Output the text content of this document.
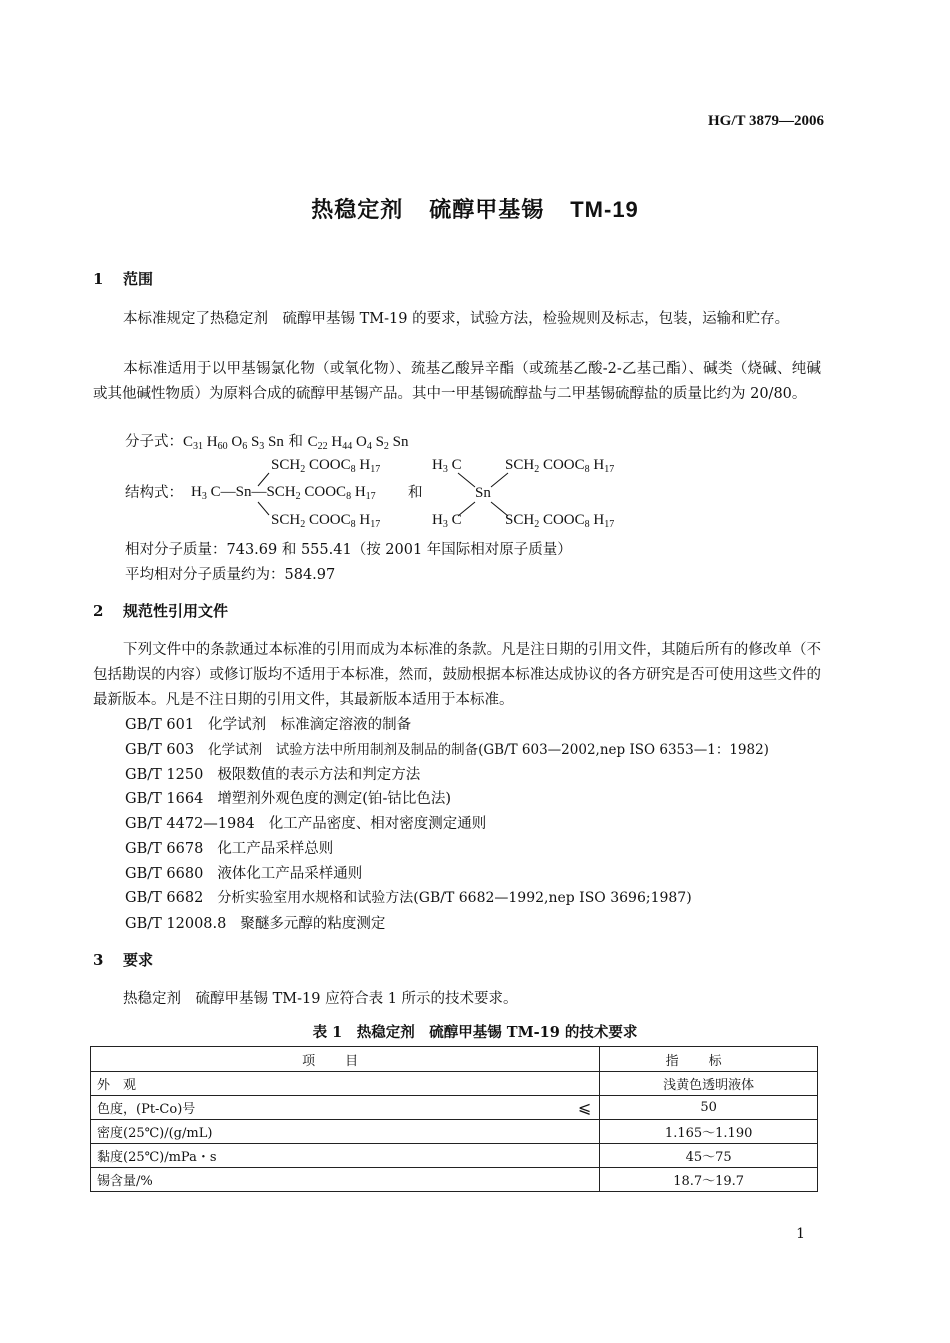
HG/T 3879—2006
热稳定剂 硫醇甲基锡 TM-19
1 范围
本标准规定了热稳定剂　硫醇甲基锡 TM-19 的要求，试验方法，检验规则及标志，包装，运输和贮存。
本标准适用于以甲基锡氯化物（或氧化物）、巯基乙酸异辛酯（或巯基乙酸-2-乙基己酯）、碱类（烧碱、纯碱或其他碱性物质）为原料合成的硫醇甲基锡产品。其中一甲基锡硫醇盐与二甲基锡硫醇盐的质量比约为 20/80。
分子式：$C_{31}$ $H_{60}$ $O_6$ $S_3$ Sn 和 $C_{22}$ $H_{44}$ $O_4$ $S_2$ Sn
$SCH_2$ $COOC_8$ $H_{17}$	$H_3$ C	$SCH_2$ $COOC_8$ $H_{17}$
结构式： $H_3$ $C—Sn—SCH_2$ $COOC_8$ $H_{17}$ 和	Sn
$SCH_2$ $COOC_8$ $H_{17}$	$H_3$ C	$SCH_2$ $COOC_8$ $H_{17}$
相对分子质量：743.69 和 555.41（按 2001 年国际相对原子质量）
平均相对分子质量约为：584.97
2 规范性引用文件
下列文件中的条款通过本标准的引用而成为本标准的条款。凡是注日期的引用文件，其随后所有的修改单（不包括勘误的内容）或修订版均不适用于本标准，然而，鼓励根据本标准达成协议的各方研究是否可使用这些文件的最新版本。凡是不注日期的引用文件，其最新版本适用于本标准。
GB/T 601 化学试剂　标准滴定溶液的制备
GB/T 603 化学试剂　试验方法中所用制剂及制品的制备(GB/T 603—2002,nep ISO 6353—1：1982)
GB/T 1250 极限数值的表示方法和判定方法
GB/T 1664 增塑剂外观色度的测定(铂-钴比色法)
GB/T 4472—1984 化工产品密度、相对密度测定通则
GB/T 6678 化工产品采样总则
GB/T 6680 液体化工产品采样通则
GB/T 6682 分析实验室用水规格和试验方法(GB/T 6682—1992,nep ISO 3696;1987)
GB/T 12008.8 聚醚多元醇的粘度测定
3 要求
热稳定剂　硫醇甲基锡 TM-19 应符合表 1 所示的技术要求。
表 1　热稳定剂　硫醇甲基锡 TM-19 的技术要求
项目	指标
外　观	浅黄色透明液体
色度，(Pt-Co)号 ⩽	50
密度(25℃)/(g/mL)	1.165～1.190
黏度(25℃)/mPa・s	45～75
锡含量/%	18.7～19.7
1
